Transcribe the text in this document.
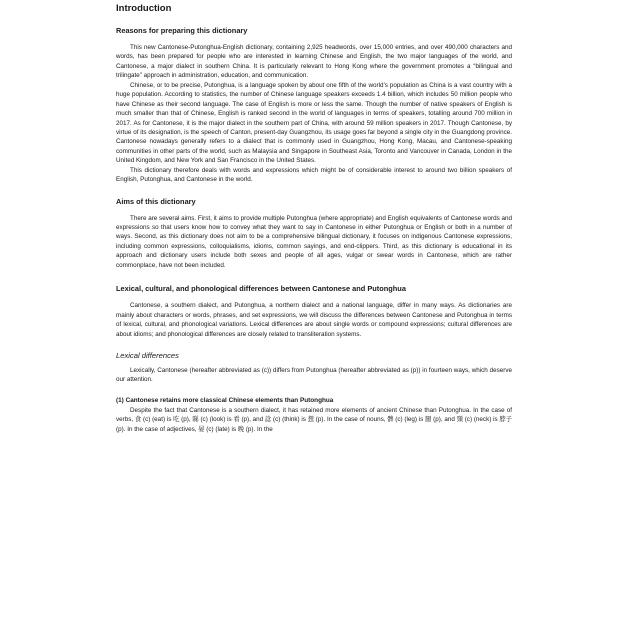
Introduction
Reasons for preparing this dictionary

This new Cantonese-Putonghua-English dictionary, containing 2,925 headwords, over 15,000 entries, and over 490,000 characters and words, has been prepared for people who are interested in learning Chinese and English, the two major languages of the world, and Cantonese, a major dialect in southern China. It is particularly relevant to Hong Kong where the government promotes a “bilingual and trilingate” approach in administration, education, and communication.

Chinese, or to be precise, Putonghua, is a language spoken by about one fifth of the world’s population as China is a vast country with a huge population. According to statistics, the number of Chinese language speakers exceeds 1.4 billion, which includes 50 million people who have Chinese as their second language. The case of English is more or less the same. Though the number of native speakers of English is much smaller than that of Chinese, English is ranked second in the world of languages in terms of speakers, totalling around 700 million in 2017. As for Cantonese, it is the major dialect in the southern part of China, with around 59 million speakers in 2017. Though Cantonese, by virtue of its designation, is the speech of Canton, present-day Guangzhou, its usage goes far beyond a single city in the Guangdong province. Cantonese nowadays generally refers to a dialect that is commonly used in Guangzhou, Hong Kong, Macau, and Cantonese-speaking communities in other parts of the world, such as Malaysia and Singapore in Southeast Asia, Toronto and Vancouver in Canada, London in the United Kingdom, and New York and San Francisco in the United States.

This dictionary therefore deals with words and expressions which might be of considerable interest to around two billion speakers of English, Putonghua, and Cantonese in the world.

Aims of this dictionary

There are several aims. First, it aims to provide multiple Putonghua (where appropriate) and English equivalents of Cantonese words and expressions so that users know how to convey what they want to say in Cantonese in either Putonghua or English or both in a number of ways. Second, as this dictionary does not aim to be a comprehensive bilingual dictionary, it focuses on indigenous Cantonese expressions, including common expressions, colloquialisms, idioms, common sayings, and end-clippers. Third, as this dictionary is educational in its approach and dictionary users include both sexes and people of all ages, vulgar or swear words in Cantonese, which are rather commonplace, have not been included.

Lexical, cultural, and phonological differences between Cantonese and Putonghua

Cantonese, a southern dialect, and Putonghua, a northern dialect and a national language, differ in many ways. As dictionaries are mainly about characters or words, phrases, and set expressions, we will discuss the differences between Cantonese and Putonghua in terms of lexical, cultural, and phonological variations. Lexical differences are about single words or compound expressions; cultural differences are about idioms; and phonological differences are closely related to transliteration systems.

Lexical differences

Lexically, Cantonese (hereafter abbreviated as (c)) differs from Putonghua (hereafter abbreviated as (p)) in fourteen ways, which deserve our attention.

(1) Cantonese retains more classical Chinese elements than Putonghua

Despite the fact that Cantonese is a southern dialect, it has retained more elements of ancient Chinese than Putonghua. In the case of verbs, 食 (c) (eat) is 吃 (p), 睇 (c) (look) is 看 (p), and 諗 (c) (think) is 想 (p). In the case of nouns, 髀 (c) (leg) is 腿 (p), and 頸 (c) (neck) is 脖子 (p). In the case of adjectives, 晏 (c) (late) is 晚 (p). In the
